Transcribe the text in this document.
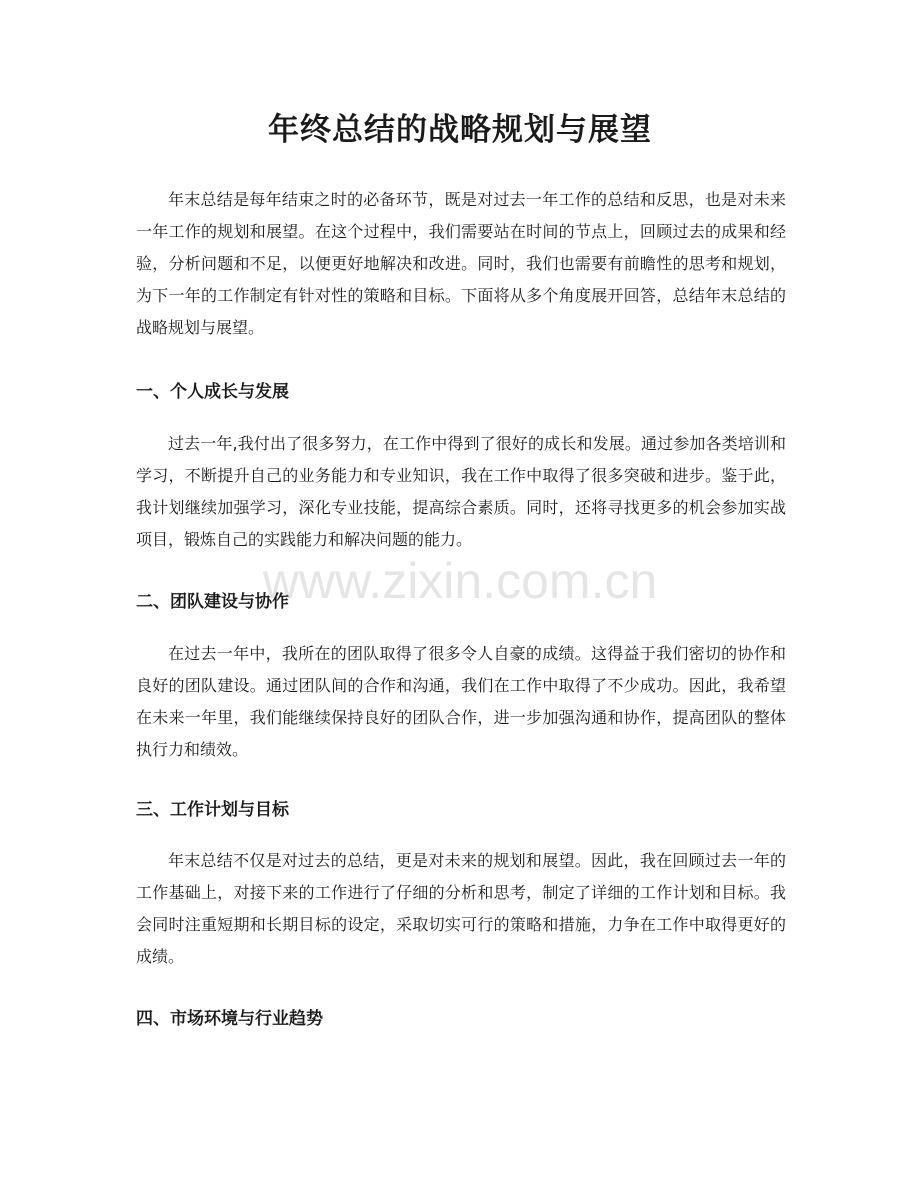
年终总结的战略规划与展望

年末总结是每年结束之时的必备环节，既是对过去一年工作的总结和反思，也是对未来一年工作的规划和展望。在这个过程中，我们需要站在时间的节点上，回顾过去的成果和经验，分析问题和不足，以便更好地解决和改进。同时，我们也需要有前瞻性的思考和规划，为下一年的工作制定有针对性的策略和目标。下面将从多个角度展开回答，总结年末总结的战略规划与展望。

一、个人成长与发展

过去一年,我付出了很多努力，在工作中得到了很好的成长和发展。通过参加各类培训和学习，不断提升自己的业务能力和专业知识，我在工作中取得了很多突破和进步。鉴于此，我计划继续加强学习，深化专业技能，提高综合素质。同时，还将寻找更多的机会参加实战项目，锻炼自己的实践能力和解决问题的能力。

二、团队建设与协作

在过去一年中，我所在的团队取得了很多令人自豪的成绩。这得益于我们密切的协作和良好的团队建设。通过团队间的合作和沟通，我们在工作中取得了不少成功。因此，我希望在未来一年里，我们能继续保持良好的团队合作，进一步加强沟通和协作，提高团队的整体执行力和绩效。

三、工作计划与目标

年末总结不仅是对过去的总结，更是对未来的规划和展望。因此，我在回顾过去一年的工作基础上，对接下来的工作进行了仔细的分析和思考，制定了详细的工作计划和目标。我会同时注重短期和长期目标的设定，采取切实可行的策略和措施，力争在工作中取得更好的成绩。

四、市场环境与行业趋势
www.zixin.com.cn
